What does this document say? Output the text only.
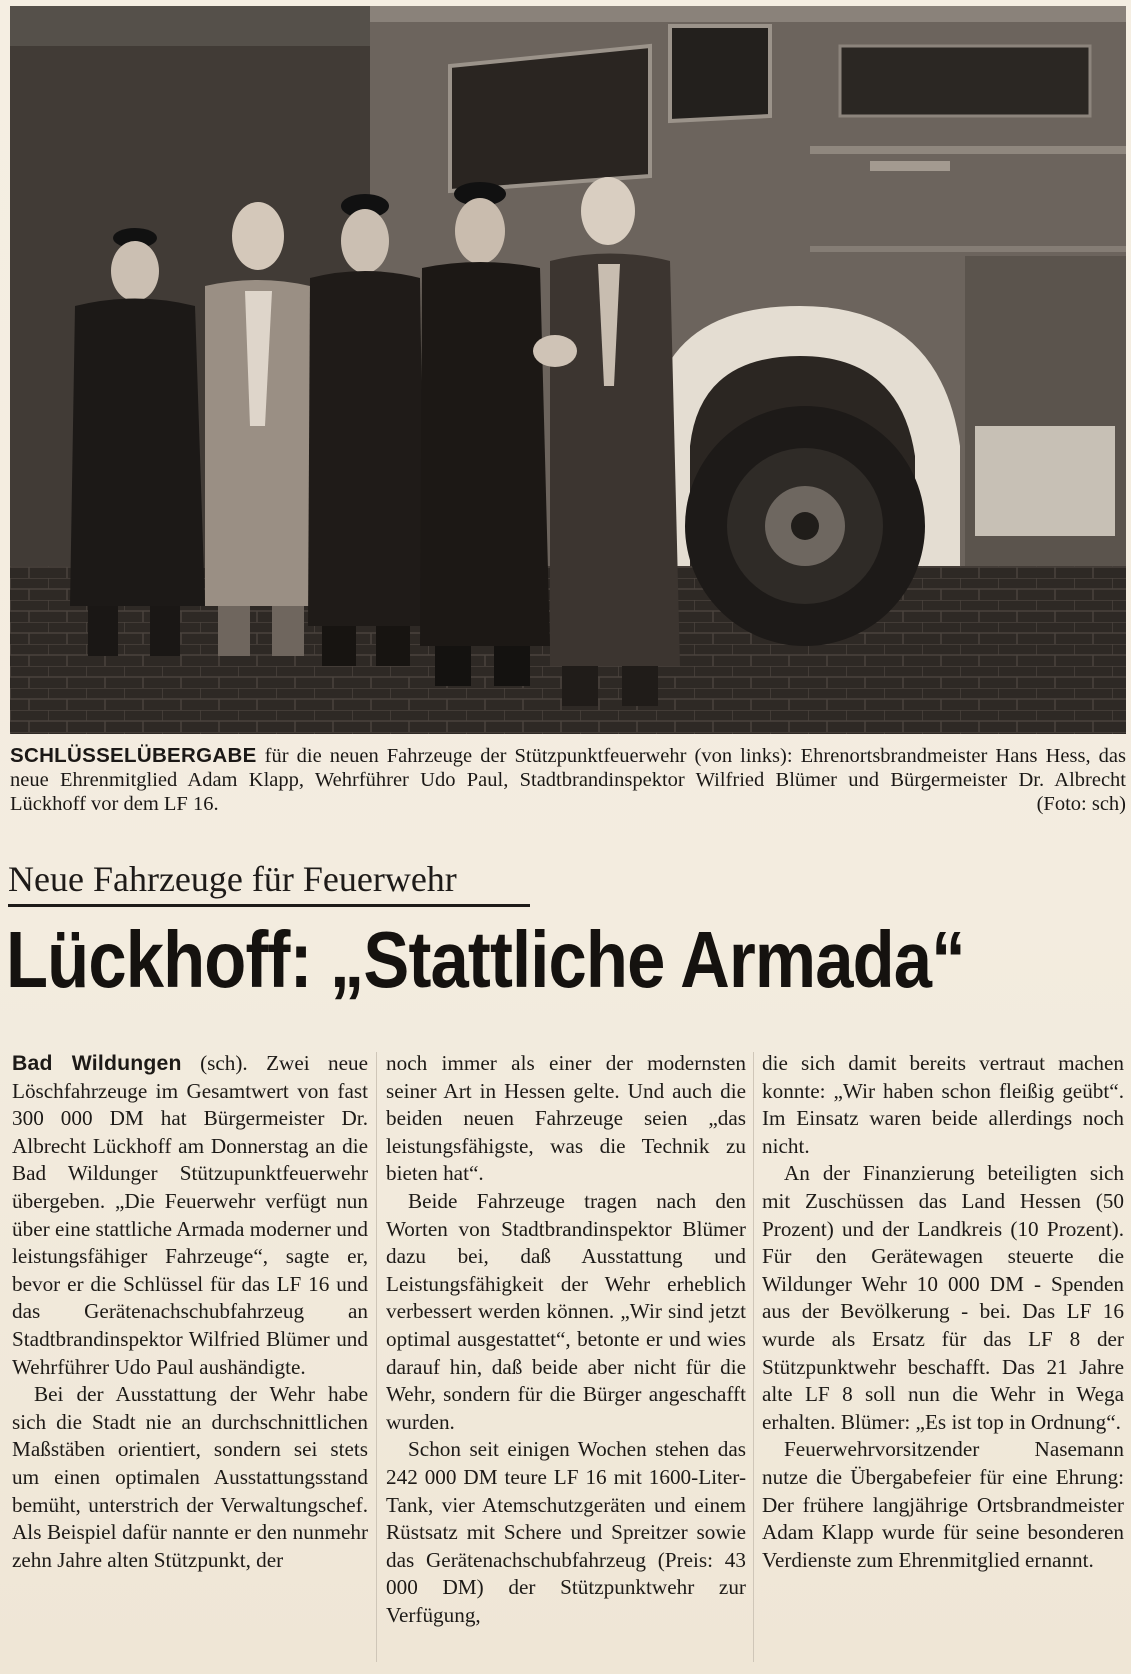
SCHLÜSSELÜBERGABE für die neuen Fahrzeuge der Stützpunktfeuerwehr (von links): Ehrenortsbrandmeister Hans Hess, das neue Ehrenmitglied Adam Klapp, Wehrführer Udo Paul, Stadtbrandinspektor Wilfried Blümer und Bürgermeister Dr. Albrecht Lückhoff vor dem LF 16.	(Foto: sch)
Neue Fahrzeuge für Feuerwehr
Lückhoff: „Stattliche Armada“

Bad Wildungen (sch). Zwei neue Löschfahrzeuge im Gesamtwert von fast 300 000 DM hat Bürgermeister Dr. Albrecht Lückhoff am Donnerstag an die Bad Wildunger Stützupunktfeuerwehr übergeben. „Die Feuerwehr verfügt nun über eine stattliche Armada moderner und leistungsfähiger Fahrzeuge“, sagte er, bevor er die Schlüssel für das LF 16 und das Gerätenachschubfahrzeug an Stadtbrandinspektor Wilfried Blümer und Wehrführer Udo Paul aushändigte.

Bei der Ausstattung der Wehr habe sich die Stadt nie an durchschnittlichen Maßstäben orientiert, sondern sei stets um einen optimalen Ausstattungsstand bemüht, unterstrich der Verwaltungschef. Als Beispiel dafür nannte er den nunmehr zehn Jahre alten Stützpunkt, der

noch immer als einer der modernsten seiner Art in Hessen gelte. Und auch die beiden neuen Fahrzeuge seien „das leistungsfähigste, was die Technik zu bieten hat“.

Beide Fahrzeuge tragen nach den Worten von Stadtbrandinspektor Blümer dazu bei, daß Ausstattung und Leistungsfähigkeit der Wehr erheblich verbessert werden können. „Wir sind jetzt optimal ausgestattet“, betonte er und wies darauf hin, daß beide aber nicht für die Wehr, sondern für die Bürger angeschafft wurden.

Schon seit einigen Wochen stehen das 242 000 DM teure LF 16 mit 1600-Liter-Tank, vier Atemschutzgeräten und einem Rüstsatz mit Schere und Spreitzer sowie das Gerätenachschubfahrzeug (Preis: 43 000 DM) der Stützpunktwehr zur Verfügung,

die sich damit bereits vertraut machen konnte: „Wir haben schon fleißig geübt“. Im Einsatz waren beide allerdings noch nicht.

An der Finanzierung beteiligten sich mit Zuschüssen das Land Hessen (50 Prozent) und der Landkreis (10 Prozent). Für den Gerätewagen steuerte die Wildunger Wehr 10 000 DM - Spenden aus der Bevölkerung - bei. Das LF 16 wurde als Ersatz für das LF 8 der Stützpunktwehr beschafft. Das 21 Jahre alte LF 8 soll nun die Wehr in Wega erhalten. Blümer: „Es ist top in Ordnung“.

Feuerwehrvorsitzender Nasemann nutze die Übergabefeier für eine Ehrung: Der frühere langjährige Ortsbrandmeister Adam Klapp wurde für seine besonderen Verdienste zum Ehrenmitglied ernannt.
